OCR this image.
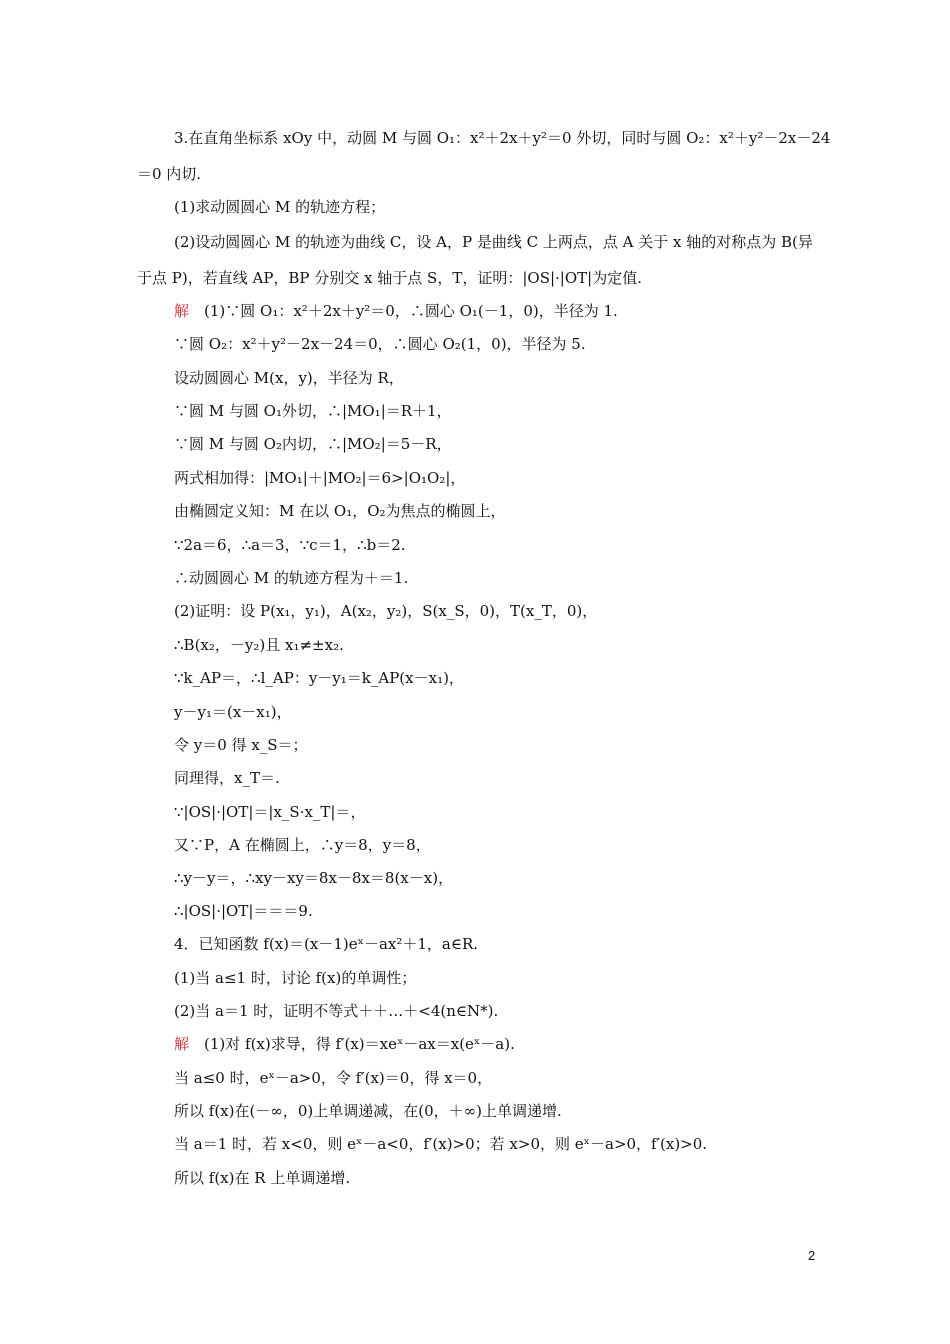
3.在直角坐标系 xOy 中，动圆 M 与圆 O₁：x²＋2x＋y²＝0 外切，同时与圆 O₂：x²＋y²－2x－24
＝0 内切.
(1)求动圆圆心 M 的轨迹方程；
(2)设动圆圆心 M 的轨迹为曲线 C，设 A，P 是曲线 C 上两点，点 A 关于 x 轴的对称点为 B(异
于点 P)，若直线 AP，BP 分别交 x 轴于点 S，T，证明：|OS|·|OT|为定值.
解 (1)∵圆 O₁：x²＋2x＋y²＝0，∴圆心 O₁(－1，0)，半径为 1.
∵圆 O₂：x²＋y²－2x－24＝0，∴圆心 O₂(1，0)，半径为 5.
设动圆圆心 M(x，y)，半径为 R，
∵圆 M 与圆 O₁外切，∴|MO₁|＝R＋1，
∵圆 M 与圆 O₂内切，∴|MO₂|＝5－R，
两式相加得：|MO₁|＋|MO₂|＝6>|O₁O₂|，
由椭圆定义知：M 在以 O₁，O₂为焦点的椭圆上，
∵2a＝6，∴a＝3，∵c＝1，∴b＝2.
∴动圆圆心 M 的轨迹方程为＋＝1.
(2)证明：设 P(x₁，y₁)，A(x₂，y₂)，S(x_S，0)，T(x_T，0)，
∴B(x₂，－y₂)且 x₁≠±x₂.
∵k_AP＝，∴l_AP：y－y₁＝k_AP(x－x₁)，
y－y₁＝(x－x₁)，
令 y＝0 得 x_S＝；
同理得，x_T＝.
∵|OS|·|OT|＝|x_S·x_T|＝，
又∵P，A 在椭圆上，∴y＝8，y＝8，
∴y－y＝，∴xy－xy＝8x－8x＝8(x－x)，
∴|OS|·|OT|＝＝＝9.
4．已知函数 f(x)＝(x－1)eˣ－ax²＋1，a∈R.
(1)当 a≤1 时，讨论 f(x)的单调性；
(2)当 a＝1 时，证明不等式＋＋…＋<4(n∈N*).
解 (1)对 f(x)求导，得 f′(x)＝xeˣ－ax＝x(eˣ－a).
当 a≤0 时，eˣ－a>0，令 f′(x)＝0，得 x＝0，
所以 f(x)在(－∞，0)上单调递减，在(0，＋∞)上单调递增.
当 a＝1 时，若 x<0，则 eˣ－a<0，f′(x)>0；若 x>0，则 eˣ－a>0，f′(x)>0.
所以 f(x)在 R 上单调递增.
2
